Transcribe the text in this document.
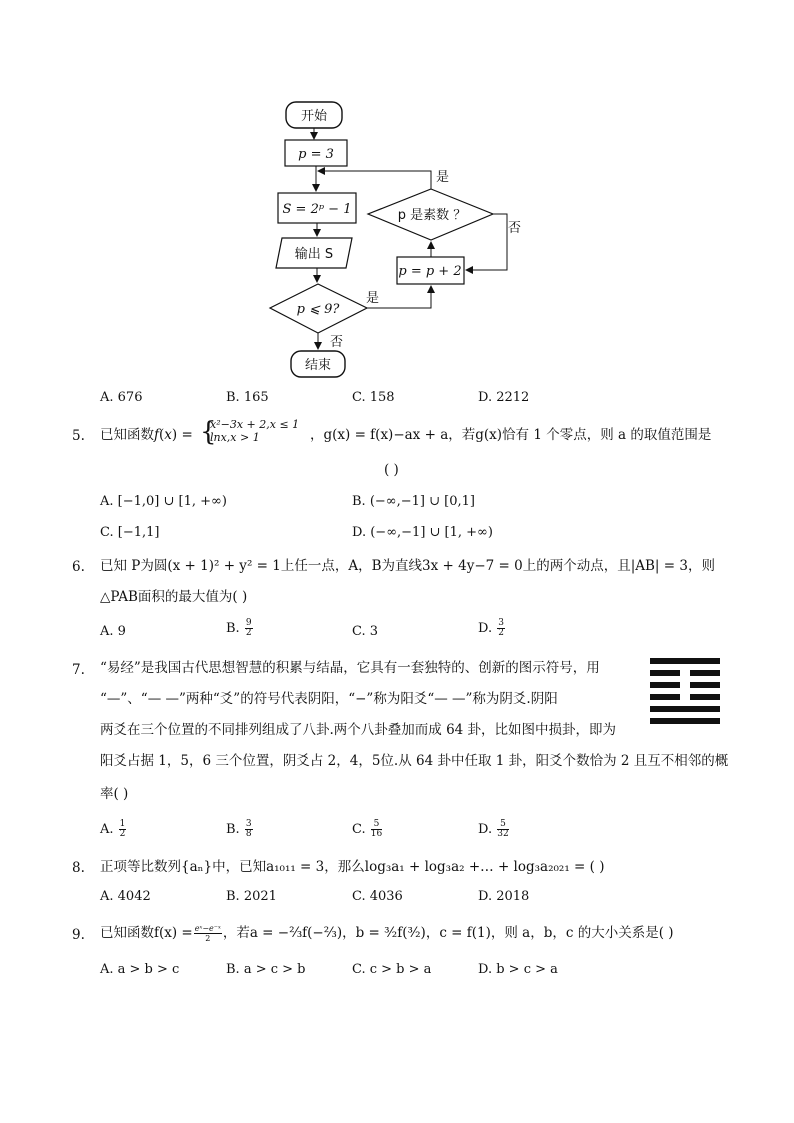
开始
p = 3
S = 2ᵖ − 1
输出 S
p ⩽ 9?
否
结束
是
p = p + 2
p 是素数 ？
是
否
A. 676	B. 165	C. 158	D. 2212
5. 已知函数f(x) = {
x²−3x + 2,x ≤ 1
lnx,x > 1	，g(x) = f(x)−ax + a，若g(x)恰有 1 个零点，则 a 的取值范围是
( )
A. [−1,0] ∪ [1, +∞)	B. (−∞,−1] ∪ [0,1]
C. [−1,1]	D. (−∞,−1] ∪ [1, +∞)
6. 已知 P为圆(x + 1)² + y² = 1上任一点，A，B为直线3x + 4y−7 = 0上的两个动点，且|AB| = 3，则
△PAB面积的最大值为( )
A. 9	B. $\frac{9}{2}$	C. 3	D. $\frac{3}{2}$
7. “易经”是我国古代思想智慧的积累与结晶，它具有一套独特的、创新的图示符号，用
“—”、“— —”两种“爻”的符号代表阴阳，“−”称为阳爻“— —”称为阴爻.阴阳
两爻在三个位置的不同排列组成了八卦.两个八卦叠加而成 64 卦，比如图中损卦，即为
阳爻占据 1，5，6 三个位置，阴爻占 2，4，5位.从 64 卦中任取 1 卦，阳爻个数恰为 2 且互不相邻的概
率( )
A. $\frac{1}{2}$	B. $\frac{3}{8}$	C. $\frac{5}{16}$	D. $\frac{5}{32}$
8. 正项等比数列{aₙ}中，已知a₁₀₁₁ = 3，那么log₃a₁ + log₃a₂ +… + log₃a₂₀₂₁ = ( )
A. 4042	B. 2021	C. 4036	D. 2018
9. 已知函数$f(x) = \frac{\text{eˣ−e⁻ˣ}}{2}$ ，若a = −⅔f(−⅔)，b = ³⁄₂f(³⁄₂)，c = f(1)，则 a，b，c 的大小关系是( )
A. a > b > c	B. a > c > b	C. c > b > a	D. b > c > a
